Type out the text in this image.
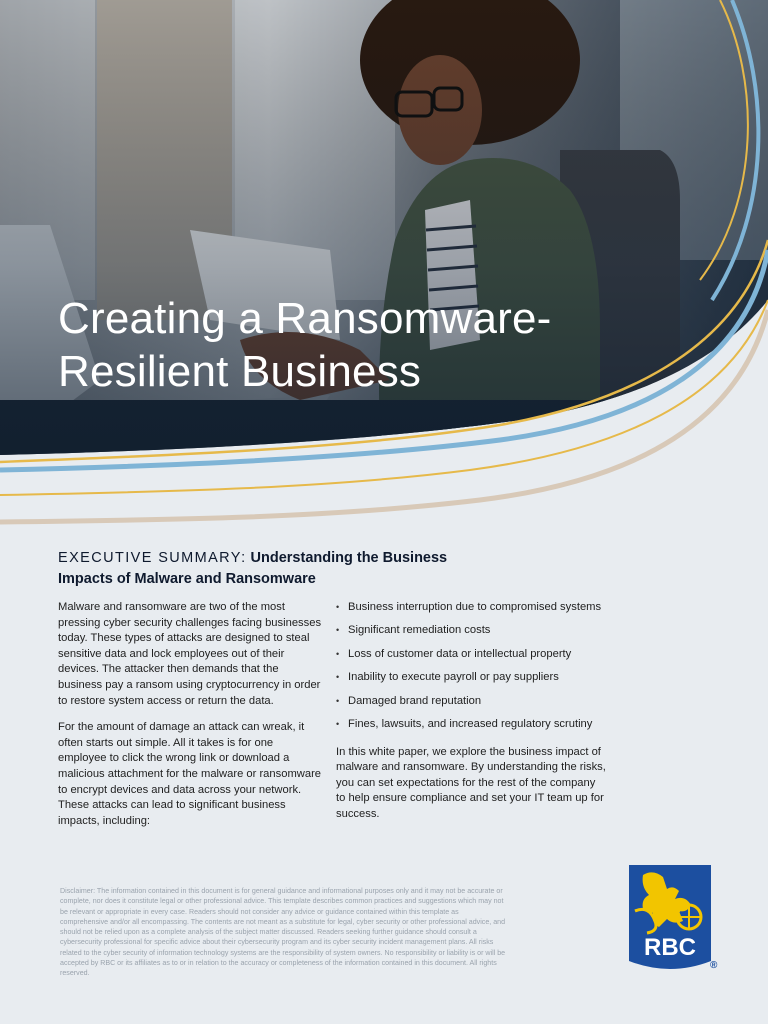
Creating a Ransomware-
Resilient Business
EXECUTIVE SUMMARY: Understanding the Business
Impacts of Malware and Ransomware

Malware and ransomware are two of the most pressing cyber security challenges facing businesses today. These types of attacks are designed to steal sensitive data and lock employees out of their devices. The attacker then demands that the business pay a ransom using cryptocurrency in order to restore system access or return the data.

For the amount of damage an attack can wreak, it often starts out simple. All it takes is for one employee to click the wrong link or download a malicious attachment for the malware or ransomware to encrypt devices and data across your network. These attacks can lead to significant business impacts, including:

• Business interruption due to compromised systems
• Significant remediation costs
• Loss of customer data or intellectual property
• Inability to execute payroll or pay suppliers
• Damaged brand reputation
• Fines, lawsuits, and increased regulatory scrutiny

In this white paper, we explore the business impact of malware and ransomware. By understanding the risks, you can set expectations for the rest of the company to help ensure compliance and set your IT team up for success.

Disclaimer: The information contained in this document is for general guidance and informational purposes only and it may not be accurate or complete, nor does it constitute legal or other professional advice. This template describes common practices and suggestions which may not be relevant or appropriate in every case. Readers should not consider any advice or guidance contained within this template as comprehensive and/or all encompassing. The contents are not meant as a substitute for legal, cyber security or other professional advice, and should not be relied upon as a complete analysis of the subject matter discussed. Readers seeking further guidance should consult a cybersecurity professional for specific advice about their cybersecurity program and its cyber security incident management plans. All risks related to the cyber security of information technology systems are the responsibility of system owners. No responsibility or liability is or will be accepted by RBC or its affiliates as to or in relation to the accuracy or completeness of the information contained in this document. All rights reserved.

RBC
®
